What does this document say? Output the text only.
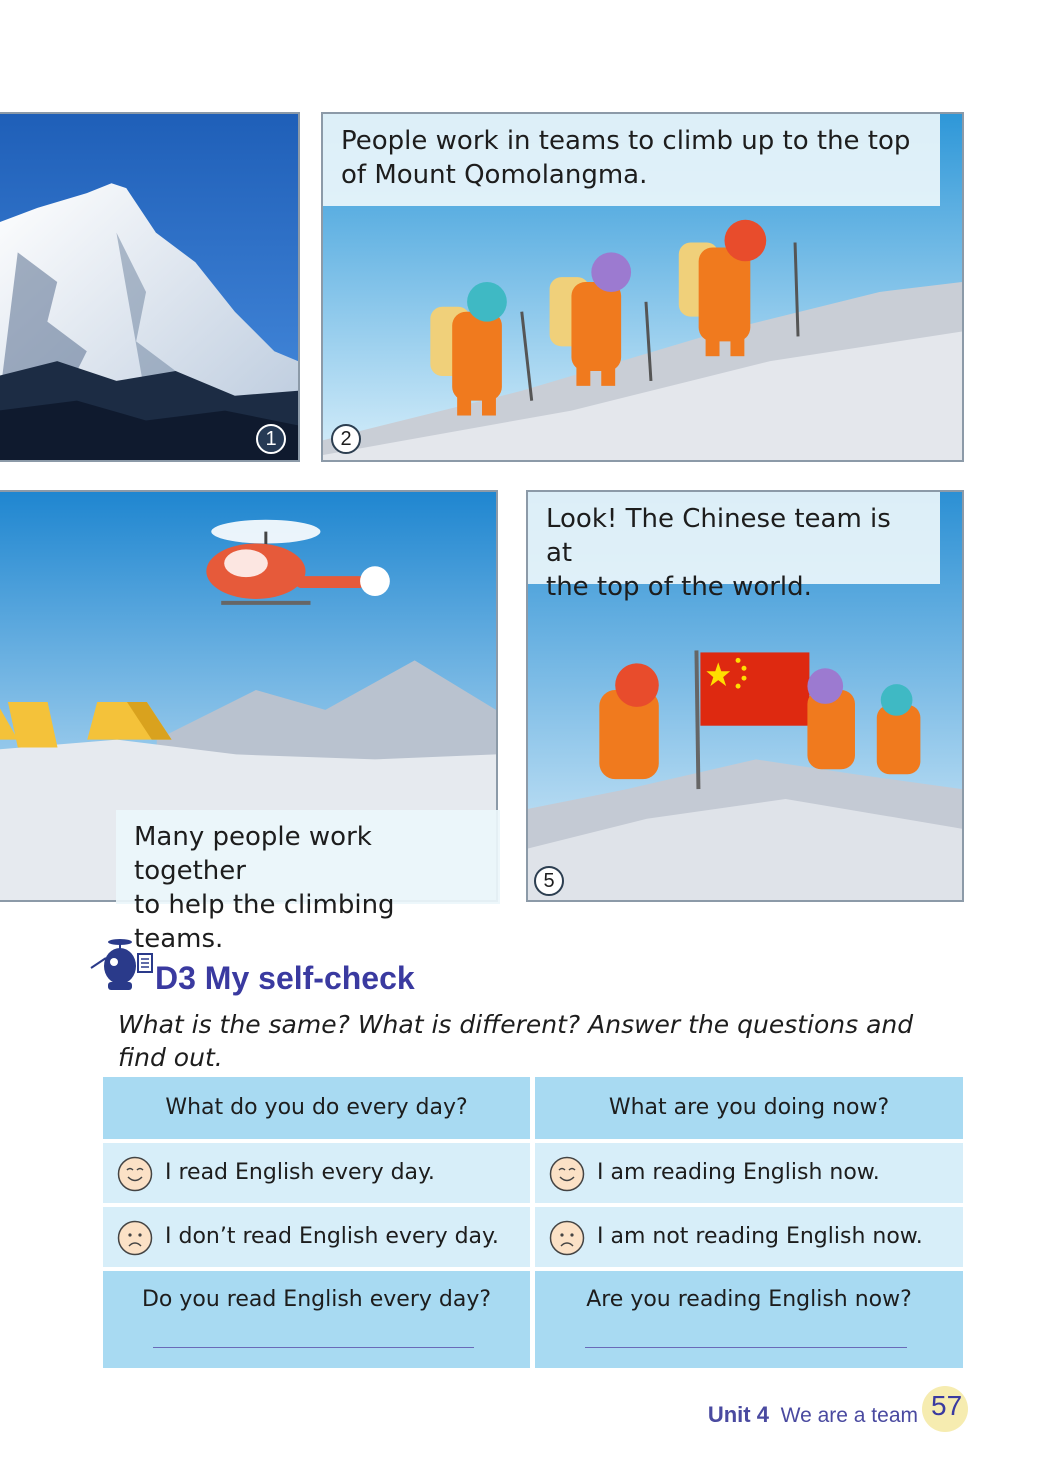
1
People work in teams to climb up to the top of Mount Qomolangma.
2
Many people work together
to help the climbing teams.
Look! The Chinese team is at
the top of the world.
5
D3 My self-check
What is the same? What is different? Answer the questions and find out.
What do you do every day?	What are you doing now?
I read English every day.	I am reading English now.
I don’t read English every day.	I am not reading English now.
Do you read English every day?	Are you reading English now?
Unit 4 We are a team 57
